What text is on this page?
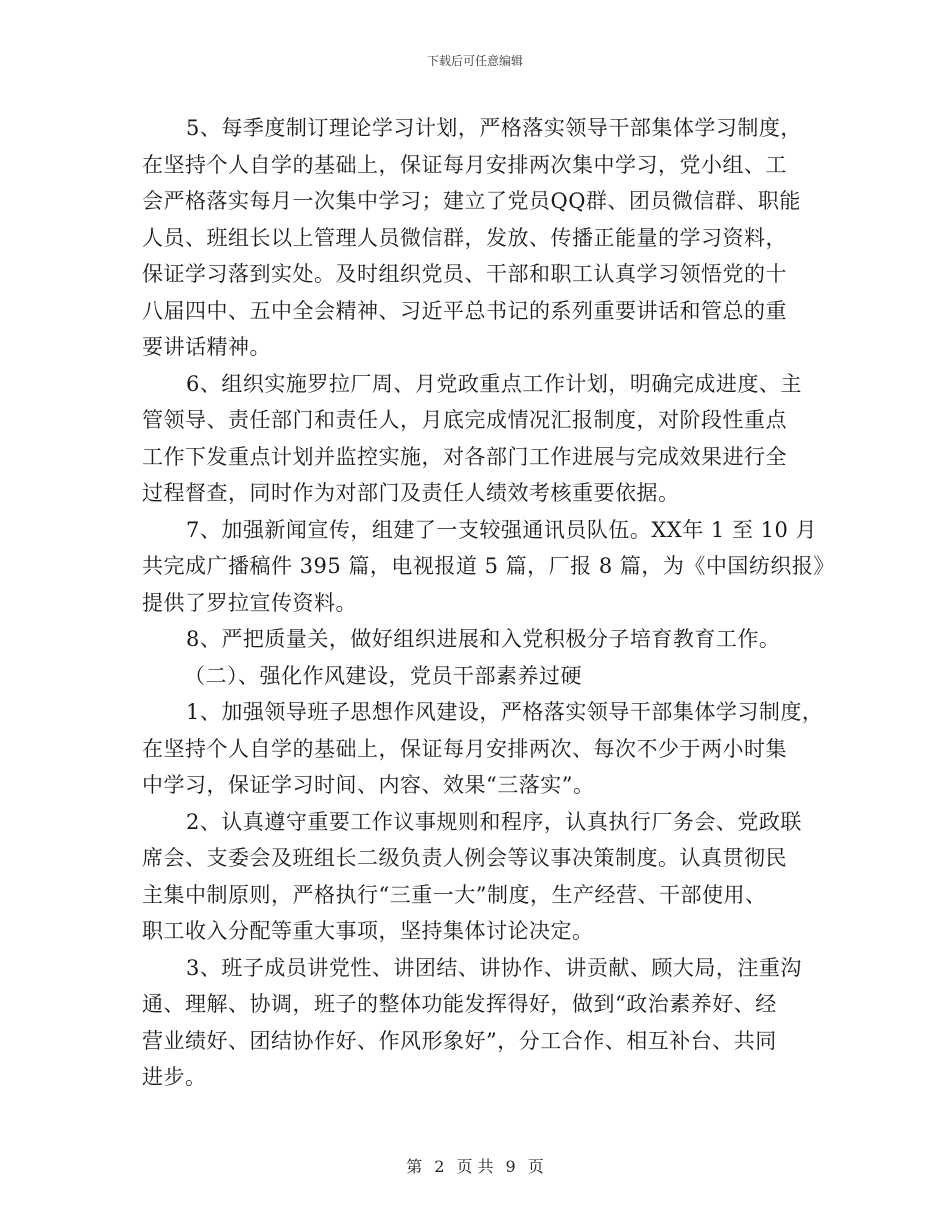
下载后可任意编辑
5、每季度制订理论学习计划，严格落实领导干部集体学习制度，
在坚持个人自学的基础上，保证每月安排两次集中学习，党小组、工
会严格落实每月一次集中学习；建立了党员QQ群、团员微信群、职能
人员、班组长以上管理人员微信群，发放、传播正能量的学习资料，
保证学习落到实处。及时组织党员、干部和职工认真学习领悟党的十
八届四中、五中全会精神、习近平总书记的系列重要讲话和管总的重
要讲话精神。
6、组织实施罗拉厂周、月党政重点工作计划，明确完成进度、主
管领导、责任部门和责任人，月底完成情况汇报制度，对阶段性重点
工作下发重点计划并监控实施，对各部门工作进展与完成效果进行全
过程督查，同时作为对部门及责任人绩效考核重要依据。
7、加强新闻宣传，组建了一支较强通讯员队伍。XX年 1 至 10 月
共完成广播稿件 395 篇，电视报道 5 篇，厂报 8 篇，为《中国纺织报》
提供了罗拉宣传资料。
8、严把质量关，做好组织进展和入党积极分子培育教育工作。
（二）、强化作风建设，党员干部素养过硬
1、加强领导班子思想作风建设，严格落实领导干部集体学习制度，
在坚持个人自学的基础上，保证每月安排两次、每次不少于两小时集
中学习，保证学习时间、内容、效果“三落实”。
2、认真遵守重要工作议事规则和程序，认真执行厂务会、党政联
席会、支委会及班组长二级负责人例会等议事决策制度。认真贯彻民
主集中制原则，严格执行“三重一大”制度，生产经营、干部使用、
职工收入分配等重大事项，坚持集体讨论决定。
3、班子成员讲党性、讲团结、讲协作、讲贡献、顾大局，注重沟
通、理解、协调，班子的整体功能发挥得好，做到“政治素养好、经
营业绩好、团结协作好、作风形象好”，分工合作、相互补台、共同
进步。
第 2 页 共 9 页
